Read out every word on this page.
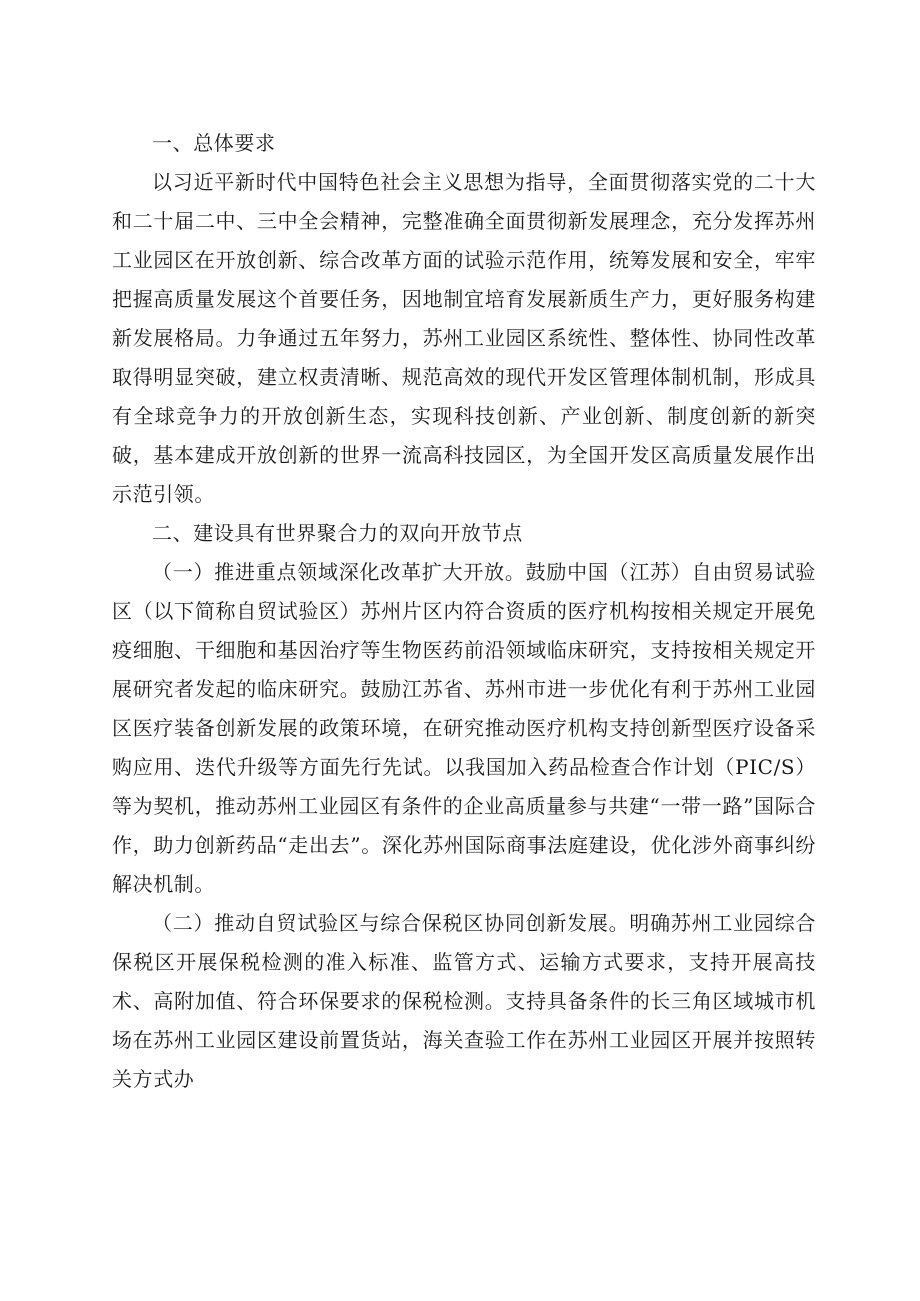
一、总体要求

以习近平新时代中国特色社会主义思想为指导，全面贯彻落实党的二十大和二十届二中、三中全会精神，完整准确全面贯彻新发展理念，充分发挥苏州工业园区在开放创新、综合改革方面的试验示范作用，统筹发展和安全，牢牢把握高质量发展这个首要任务，因地制宜培育发展新质生产力，更好服务构建新发展格局。力争通过五年努力，苏州工业园区系统性、整体性、协同性改革取得明显突破，建立权责清晰、规范高效的现代开发区管理体制机制，形成具有全球竞争力的开放创新生态，实现科技创新、产业创新、制度创新的新突破，基本建成开放创新的世界一流高科技园区，为全国开发区高质量发展作出示范引领。

二、建设具有世界聚合力的双向开放节点

（一）推进重点领域深化改革扩大开放。鼓励中国（江苏）自由贸易试验区（以下简称自贸试验区）苏州片区内符合资质的医疗机构按相关规定开展免疫细胞、干细胞和基因治疗等生物医药前沿领域临床研究，支持按相关规定开展研究者发起的临床研究。鼓励江苏省、苏州市进一步优化有利于苏州工业园区医疗装备创新发展的政策环境，在研究推动医疗机构支持创新型医疗设备采购应用、迭代升级等方面先行先试。以我国加入药品检查合作计划（PIC/S）等为契机，推动苏州工业园区有条件的企业高质量参与共建“一带一路”国际合作，助力创新药品“走出去”。深化苏州国际商事法庭建设，优化涉外商事纠纷解决机制。

（二）推动自贸试验区与综合保税区协同创新发展。明确苏州工业园综合保税区开展保税检测的准入标准、监管方式、运输方式要求，支持开展高技术、高附加值、符合环保要求的保税检测。支持具备条件的长三角区域城市机场在苏州工业园区建设前置货站，海关查验工作在苏州工业园区开展并按照转关方式办
